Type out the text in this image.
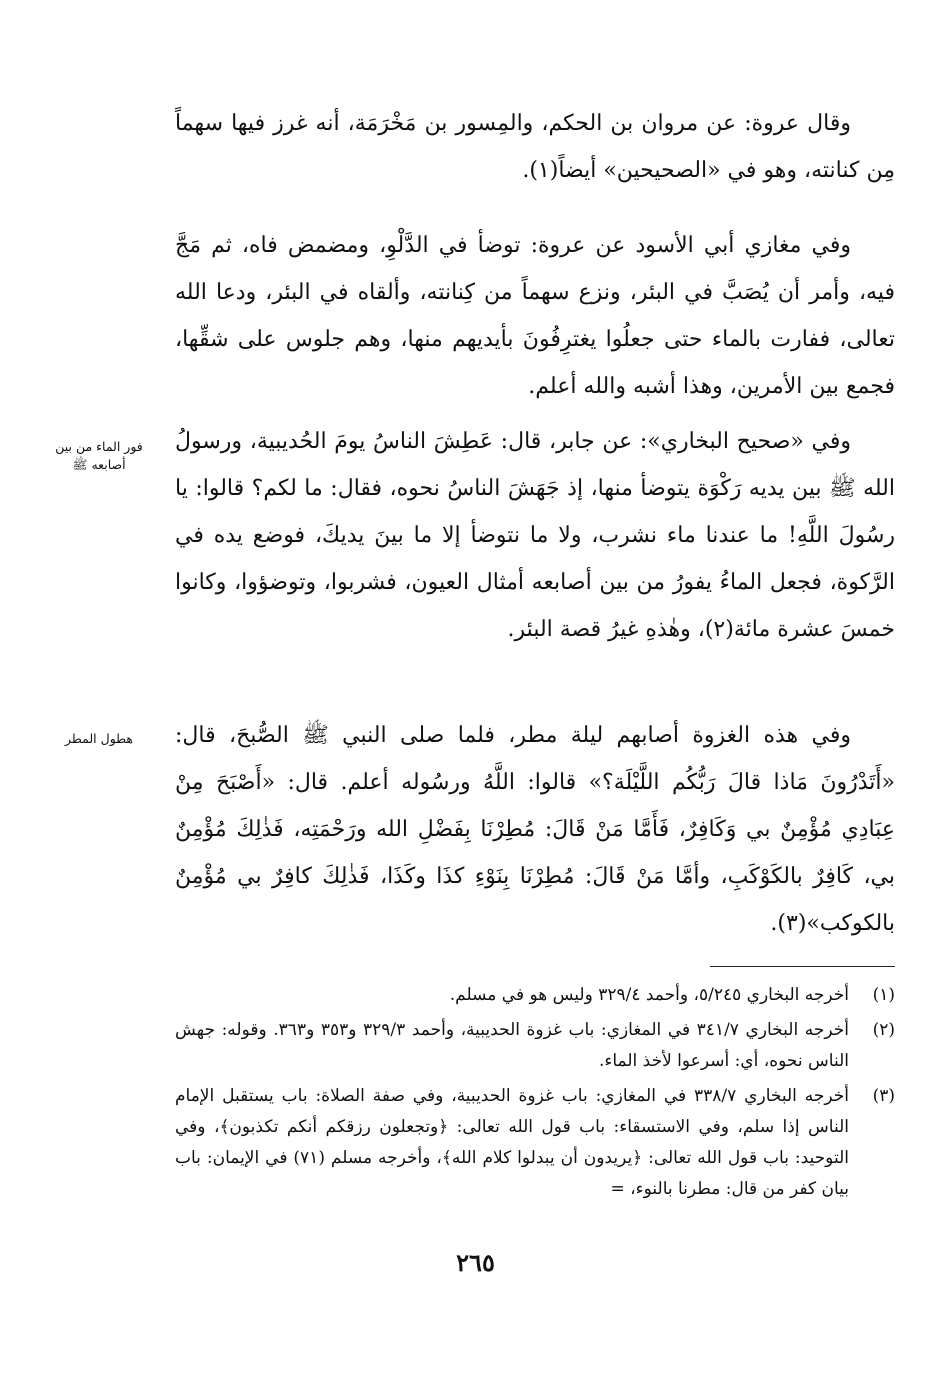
وقال عروة: عن مروان بن الحكم، والمِسور بن مَخْرَمَة، أنه غرز فيها سهماً مِن كنانته، وهو في «الصحيحين» أيضاً(١).

وفي مغازي أبي الأسود عن عروة: توضأ في الدَّلْوِ، ومضمض فاه، ثم مَجَّ فيه، وأمر أن يُصَبَّ في البئر، ونزع سهماً من كِنانته، وألقاه في البئر، ودعا الله تعالى، ففارت بالماء حتى جعلُوا يغترِفُونَ بأيديهم منها، وهم جلوس على شقِّها، فجمع بين الأمرين، وهذا أشبه والله أعلم.

وفي «صحيح البخاري»: عن جابر، قال: عَطِشَ الناسُ يومَ الحُديبية، ورسولُ الله ﷺ بين يديه رَكْوَة يتوضأ منها، إذ جَهَشَ الناسُ نحوه، فقال: ما لكم؟ قالوا: يا رسُولَ اللَّهِ! ما عندنا ماء نشرب، ولا ما نتوضأ إلا ما بينَ يديكَ، فوضع يده في الرَّكوة، فجعل الماءُ يفورُ من بين أصابعه أمثال العيون، فشربوا، وتوضؤوا، وكانوا خمسَ عشرة مائة(٢)، وهٰذهِ غيرُ قصة البئر.

وفي هذه الغزوة أصابهم ليلة مطر، فلما صلى النبي ﷺ الصُّبحَ، قال: «أَتَدْرُونَ مَاذا قالَ رَبُّكُم اللَّيْلَة؟» قالوا: اللَّهُ ورسُوله أعلم. قال: «أَصْبَحَ مِنْ عِبَادِي مُؤْمِنٌ بي وَكَافِرٌ، فَأَمَّا مَنْ قَالَ: مُطِرْنَا بِفَضْلِ الله ورَحْمَتِه، فَذٰلِكَ مُؤْمِنٌ بي، كَافِرٌ بالكَوْكَبِ، وأمَّا مَنْ قَالَ: مُطِرْنَا بِنَوْءِ كذَا وكَذَا، فَذٰلِكَ كافِرٌ بي مُؤْمِنٌ بالكوكب»(٣).

فور الماء من بين أصابعه ﷺ
هطول المطر
(١)
أخرجه البخاري ٥/٢٤٥، وأحمد ٣٢٩/٤ وليس هو في مسلم.
(٢)
أخرجه البخاري ٣٤١/٧ في المغازي: باب غزوة الحديبية، وأحمد ٣٢٩/٣ و٣٥٣ و٣٦٣. وقوله: جهش الناس نحوه، أي: أسرعوا لأخذ الماء.
(٣)
أخرجه البخاري ٣٣٨/٧ في المغازي: باب غزوة الحديبية، وفي صفة الصلاة: باب يستقبل الإمام الناس إذا سلم، وفي الاستسقاء: باب قول الله تعالى: ﴿وتجعلون رزقكم أنكم تكذبون﴾، وفي التوحيد: باب قول الله تعالى: ﴿يريدون أن يبدلوا كلام الله﴾، وأخرجه مسلم (٧١) في الإيمان: باب بيان كفر من قال: مطرنا بالنوء، =
٢٦٥
